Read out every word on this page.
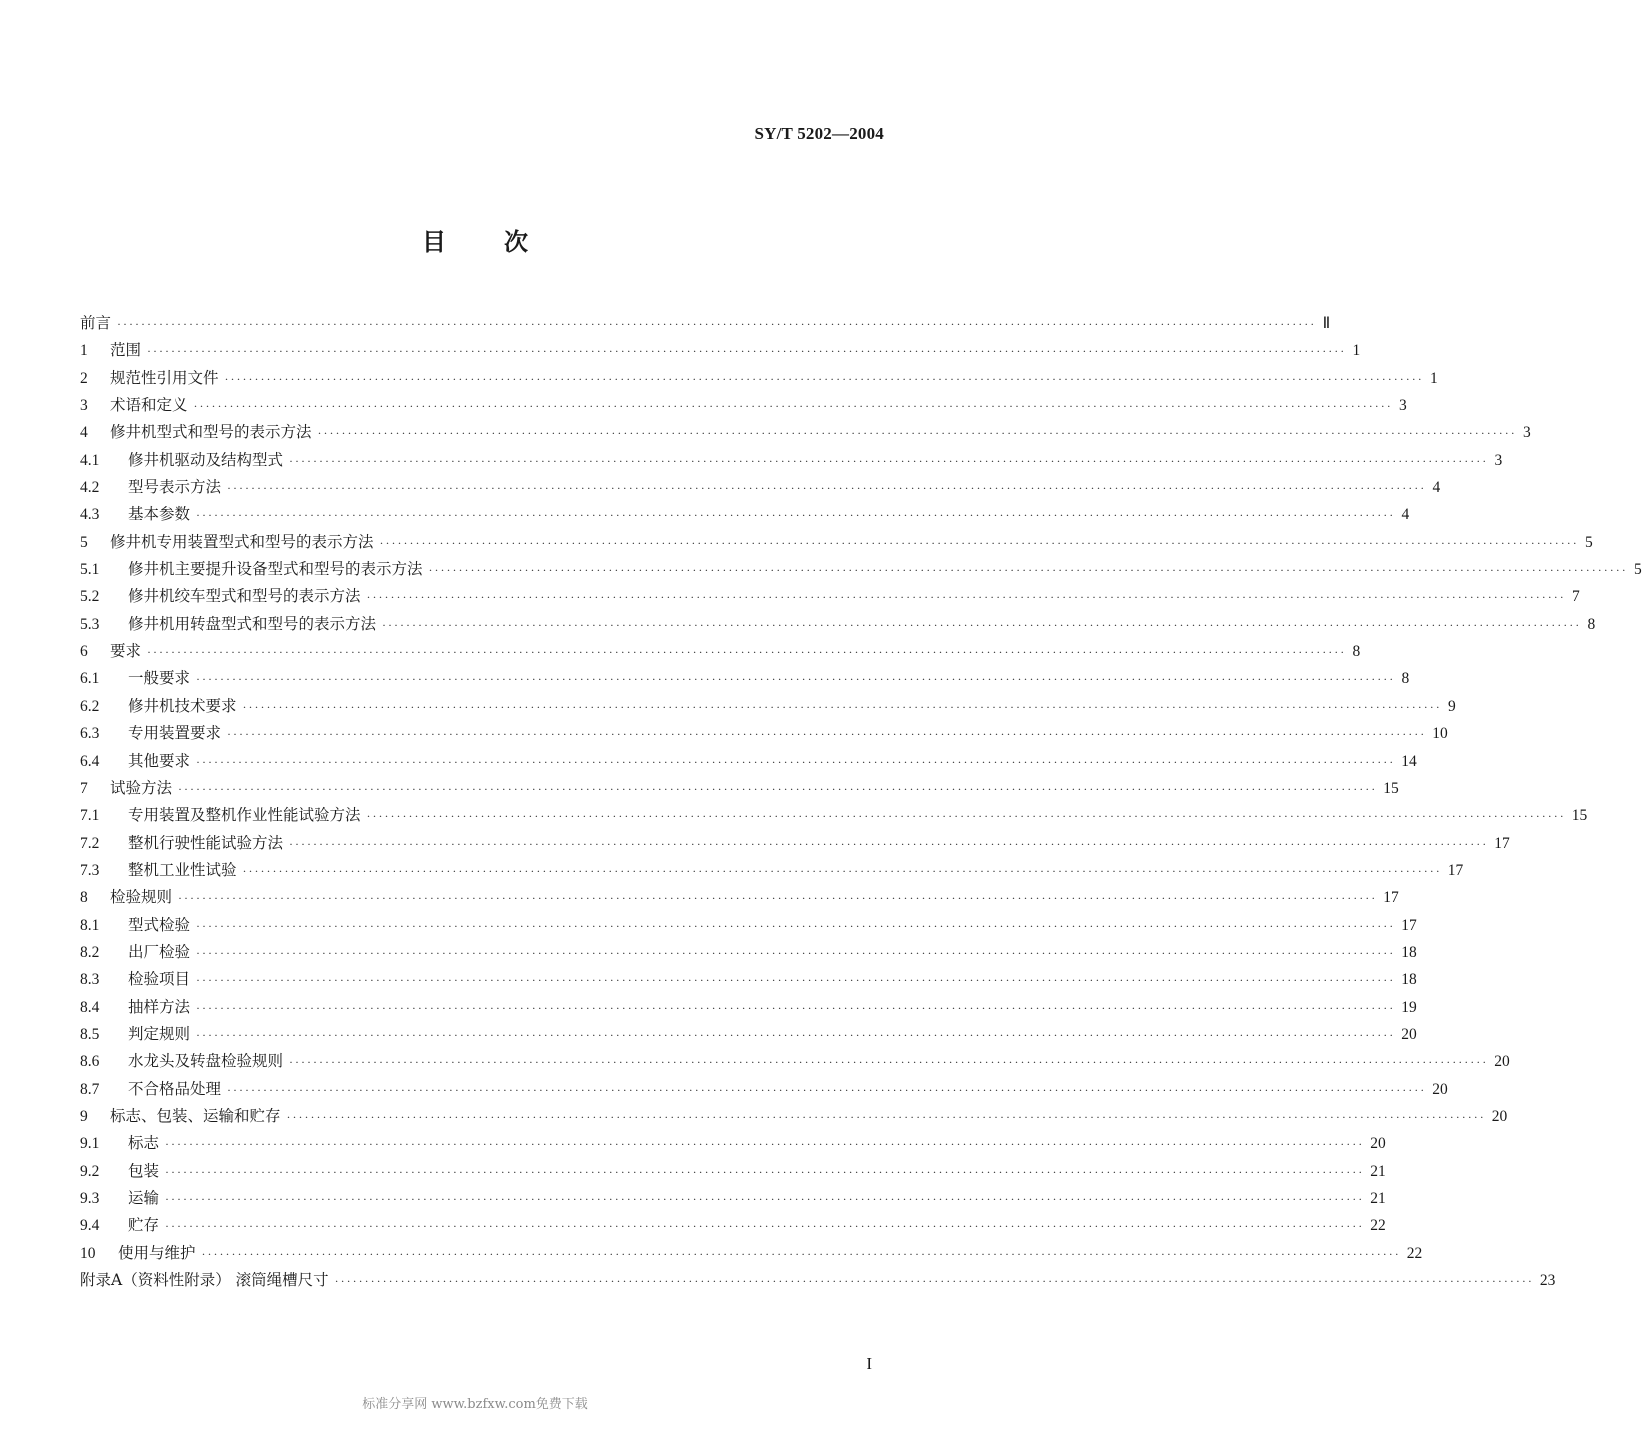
SY/T 5202—2004
目次
前言 ········································································································································································································ Ⅱ
1	范围 ········································································································································································································ 1
2	规范性引用文件 ········································································································································································································ 1
3	术语和定义 ········································································································································································································ 3
4	修井机型式和型号的表示方法 ········································································································································································································ 3
4.1	修井机驱动及结构型式 ········································································································································································································ 3
4.2	型号表示方法 ········································································································································································································ 4
4.3	基本参数 ········································································································································································································ 4
5	修井机专用装置型式和型号的表示方法 ········································································································································································································ 5
5.1	修井机主要提升设备型式和型号的表示方法 ········································································································································································································ 5
5.2	修井机绞车型式和型号的表示方法 ········································································································································································································ 7
5.3	修井机用转盘型式和型号的表示方法 ········································································································································································································ 8
6	要求 ········································································································································································································ 8
6.1	一般要求 ········································································································································································································ 8
6.2	修井机技术要求 ········································································································································································································ 9
6.3	专用装置要求 ········································································································································································································ 10
6.4	其他要求 ········································································································································································································ 14
7	试验方法 ········································································································································································································ 15
7.1	专用装置及整机作业性能试验方法 ········································································································································································································ 15
7.2	整机行驶性能试验方法 ········································································································································································································ 17
7.3	整机工业性试验 ········································································································································································································ 17
8	检验规则 ········································································································································································································ 17
8.1	型式检验 ········································································································································································································ 17
8.2	出厂检验 ········································································································································································································ 18
8.3	检验项目 ········································································································································································································ 18
8.4	抽样方法 ········································································································································································································ 19
8.5	判定规则 ········································································································································································································ 20
8.6	水龙头及转盘检验规则 ········································································································································································································ 20
8.7	不合格品处理 ········································································································································································································ 20
9	标志、包装、运输和贮存 ········································································································································································································ 20
9.1	标志 ········································································································································································································ 20
9.2	包装 ········································································································································································································ 21
9.3	运输 ········································································································································································································ 21
9.4	贮存 ········································································································································································································ 22
10	使用与维护 ········································································································································································································ 22
附录A（资料性附录） 滚筒绳槽尺寸 ········································································································································································································ 23
I
标准分享网 www.bzfxw.com免费下载
